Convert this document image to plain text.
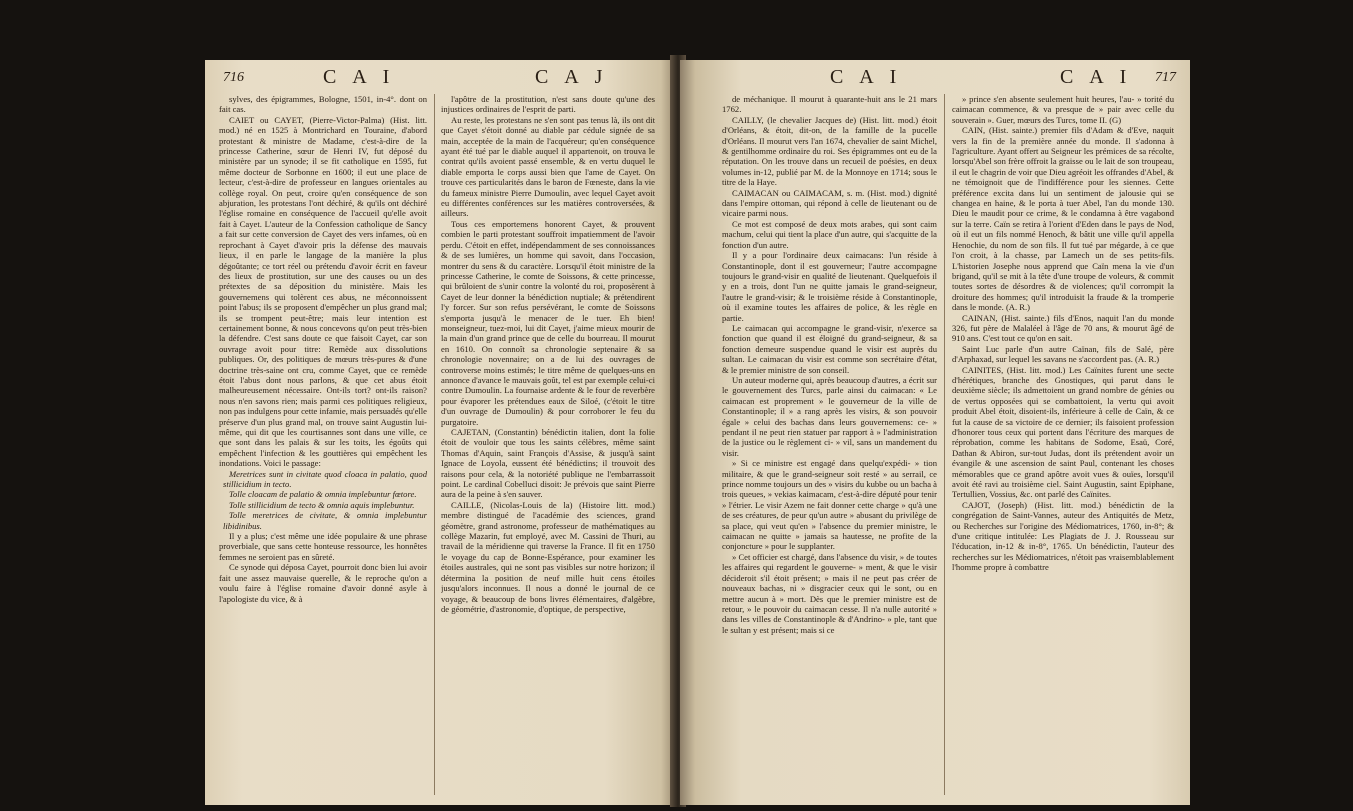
716	C A I	C A J

sylves, des épigrammes, Bologne, 1501, in-4°. dont on fait cas.

CAIET ou CAYET, (Pierre-Victor-Palma) (Hist. litt. mod.) né en 1525 à Montrichard en Touraine, d'abord protestant & ministre de Madame, c'est-à-dire de la princesse Catherine, sœur de Henri IV, fut déposé du ministère par un synode; il se fit catholique en 1595, fut même docteur de Sorbonne en 1600; il eut une place de lecteur, c'est-à-dire de professeur en langues orientales au collège royal. On peut, croire qu'en conséquence de son abjuration, les protestans l'ont déchiré, & qu'ils ont déchiré l'église romaine en conséquence de l'accueil qu'elle avoit fait à Cayet. L'auteur de la Confession catholique de Sancy a fait sur cette conversion de Cayet des vers infames, où en reprochant à Cayet d'avoir pris la défense des mauvais lieux, il en parle le langage de la manière la plus dégoûtante; ce tort réel ou prétendu d'avoir écrit en faveur des lieux de prostitution, sur une des causes ou un des prétextes de sa déposition du ministère. Mais les gouvernemens qui tolèrent ces abus, ne méconnoissent point l'abus; ils se proposent d'empêcher un plus grand mal; ils se trompent peut-être; mais leur intention est certainement bonne, & nous concevons qu'on peut très-bien la défendre. C'est sans doute ce que faisoit Cayet, car son ouvrage avoit pour titre: Remède aux dissolutions publiques. Or, des politiques de mœurs très-pures & d'une doctrine très-saine ont cru, comme Cayet, que ce remède étoit l'abus dont nous parlons, & que cet abus étoit malheureusement nécessaire. Ont-ils tort? ont-ils raison? nous n'en savons rien; mais parmi ces politiques religieux, non pas indulgens pour cette infamie, mais persuadés qu'elle préserve d'un plus grand mal, on trouve saint Augustin lui-même, qui dit que les courtisannes sont dans une ville, ce que sont dans les palais & sur les toits, les égoûts qui empêchent l'infection & les gouttières qui empêchent les inondations. Voici le passage:

Meretrices sunt in civitate quod cloaca in palatio, quod stillicidium in tecto.

Tolle cloacam de palatio & omnia implebuntur fœtore.

Tolle stillicidium de tecto & omnia aquis implebuntur.

Tolle meretrices de civitate, & omnia implebuntur libidinibus.

Il y a plus; c'est même une idée populaire & une phrase proverbiale, que sans cette honteuse ressource, les honnêtes femmes ne seroient pas en sûreté.

Ce synode qui déposa Cayet, pourroit donc bien lui avoir fait une assez mauvaise querelle, & le reproche qu'on a voulu faire à l'église romaine d'avoir donné asyle à l'apologiste du vice, & à

l'apôtre de la prostitution, n'est sans doute qu'une des injustices ordinaires de l'esprit de parti.

Au reste, les protestans ne s'en sont pas tenus là, ils ont dit que Cayet s'étoit donné au diable par cédule signée de sa main, acceptée de la main de l'acquéreur; qu'en conséquence ayant été tué par le diable auquel il appartenoit, on trouva le contrat qu'ils avoient passé ensemble, & en vertu duquel le diable emporta le corps aussi bien que l'ame de Cayet. On trouve ces particularités dans le baron de Fœneste, dans la vie du fameux ministre Pierre Dumoulin, avec lequel Cayet avoit eu différentes conférences sur les matières controversées, & ailleurs.

Tous ces emportemens honorent Cayet, & prouvent combien le parti protestant souffroit impatiemment de l'avoir perdu. C'étoit en effet, indépendamment de ses connoissances & de ses lumières, un homme qui savoit, dans l'occasion, montrer du sens & du caractère. Lorsqu'il étoit ministre de la princesse Catherine, le comte de Soissons, & cette princesse, qui brûloient de s'unir contre la volonté du roi, proposèrent à Cayet de leur donner la bénédiction nuptiale; & prétendirent l'y forcer. Sur son refus persévérant, le comte de Soissons s'emporta jusqu'à le menacer de le tuer. Eh bien! monseigneur, tuez-moi, lui dit Cayet, j'aime mieux mourir de la main d'un grand prince que de celle du bourreau. Il mourut en 1610. On connoît sa chronologie septenaire & sa chronologie novennaire; on a de lui des ouvrages de controverse moins estimés; le titre même de quelques-uns en annonce d'avance le mauvais goût, tel est par exemple celui-ci contre Dumoulin. La fournaise ardente & le four de reverbère pour évaporer les prétendues eaux de Siloé, (c'étoit le titre d'un ouvrage de Dumoulin) & pour corroborer le feu du purgatoire.

CAJETAN, (Constantin) bénédictin italien, dont la folie étoit de vouloir que tous les saints célèbres, même saint Thomas d'Aquin, saint François d'Assise, & jusqu'à saint Ignace de Loyola, eussent été bénédictins; il trouvoit des raisons pour cela, & la notoriété publique ne l'embarrassoit point. Le cardinal Cobelluci disoit: Je prévois que saint Pierre aura de la peine à s'en sauver.

CAILLE, (Nicolas-Louis de la) (Histoire litt. mod.) membre distingué de l'académie des sciences, grand géomètre, grand astronome, professeur de mathématiques au collège Mazarin, fut employé, avec M. Cassini de Thuri, au travail de la méridienne qui traverse la France. Il fit en 1750 le voyage du cap de Bonne-Espérance, pour examiner les étoiles australes, qui ne sont pas visibles sur notre horizon; il détermina la position de neuf mille huit cens étoiles jusqu'alors inconnues. Il nous a donné le journal de ce voyage, & beaucoup de bons livres élémentaires, d'algèbre, de géométrie, d'astronomie, d'optique, de perspective,

C A I	C A I 717

de méchanique. Il mourut à quarante-huit ans le 21 mars 1762.

CAILLY, (le chevalier Jacques de) (Hist. litt. mod.) étoit d'Orléans, & étoit, dit-on, de la famille de la pucelle d'Orléans. Il mourut vers l'an 1674, chevalier de saint Michel, & gentilhomme ordinaire du roi. Ses épigrammes ont eu de la réputation. On les trouve dans un recueil de poésies, en deux volumes in-12, publié par M. de la Monnoye en 1714; sous le titre de la Haye.

CAIMACAN ou CAIMACAM, s. m. (Hist. mod.) dignité dans l'empire ottoman, qui répond à celle de lieutenant ou de vicaire parmi nous.

Ce mot est composé de deux mots arabes, qui sont caim machum, celui qui tient la place d'un autre, qui s'acquitte de la fonction d'un autre.

Il y a pour l'ordinaire deux caimacans: l'un réside à Constantinople, dont il est gouverneur; l'autre accompagne toujours le grand-visir en qualité de lieutenant. Quelquefois il y en a trois, dont l'un ne quitte jamais le grand-seigneur, l'autre le grand-visir; & le troisième réside à Constantinople, où il examine toutes les affaires de police, & les règle en partie.

Le caimacan qui accompagne le grand-visir, n'exerce sa fonction que quand il est éloigné du grand-seigneur, & sa fonction demeure suspendue quand le visir est auprès du sultan. Le caimacan du visir est comme son secrétaire d'état, & le premier ministre de son conseil.

Un auteur moderne qui, après beaucoup d'autres, a écrit sur le gouvernement des Turcs, parle ainsi du caimacan: « Le caimacan est proprement » le gouverneur de la ville de Constantinople; il » a rang après les visirs, & son pouvoir égale » celui des bachas dans leurs gouvernemens: ce- » pendant il ne peut rien statuer par rapport à » l'administration de la justice ou le règlement ci- » vil, sans un mandement du visir.

» Si ce ministre est engagé dans quelqu'expédi- » tion militaire, & que le grand-seigneur soit resté » au serrail, ce prince nomme toujours un des » visirs du kubbe ou un bacha à trois queues, » vekias kaimacam, c'est-à-dire député pour tenir » l'étrier. Le visir Azem ne fait donner cette charge » qu'à une de ses créatures, de peur qu'un autre » abusant du privilège de sa place, qui veut qu'en » l'absence du premier ministre, le caimacan ne quitte » jamais sa hautesse, ne profite de la conjoncture » pour le supplanter.

» Cet officier est chargé, dans l'absence du visir, » de toutes les affaires qui regardent le gouverne- » ment, & que le visir décideroit s'il étoit présent; » mais il ne peut pas créer de nouveaux bachas, ni » disgracier ceux qui le sont, ou en mettre aucun à » mort. Dès que le premier ministre est de retour, » le pouvoir du caimacan cesse. Il n'a nulle autorité » dans les villes de Constantinople & d'Andrino- » ple, tant que le sultan y est présent; mais si ce

» prince s'en absente seulement huit heures, l'au- » torité du caimacan commence, & va presque de » pair avec celle du souverain ». Guer, mœurs des Turcs, tome II. (G)

CAIN, (Hist. sainte.) premier fils d'Adam & d'Eve, naquit vers la fin de la première année du monde. Il s'adonna à l'agriculture. Ayant offert au Seigneur les prémices de sa récolte, lorsqu'Abel son frère offroit la graisse ou le lait de son troupeau, il eut le chagrin de voir que Dieu agréoit les offrandes d'Abel, & ne témoignoit que de l'indifférence pour les siennes. Cette préférence excita dans lui un sentiment de jalousie qui se changea en haine, & le porta à tuer Abel, l'an du monde 130. Dieu le maudit pour ce crime, & le condamna à être vagabond sur la terre. Caïn se retira à l'orient d'Eden dans le pays de Nod, où il eut un fils nommé Henoch, & bâtit une ville qu'il appella Henochie, du nom de son fils. Il fut tué par mégarde, à ce que l'on croit, à la chasse, par Lamech un de ses petits-fils. L'historien Josephe nous apprend que Caïn mena la vie d'un brigand, qu'il se mit à la tête d'une troupe de voleurs, & commit toutes sortes de désordres & de violences; qu'il corrompit la droiture des hommes; qu'il introduisit la fraude & la tromperie dans le monde. (A. R.)

CAINAN, (Hist. sainte.) fils d'Enos, naquit l'an du monde 326, fut père de Malaléel à l'âge de 70 ans, & mourut âgé de 910 ans. C'est tout ce qu'on en sait.

Saint Luc parle d'un autre Caïnan, fils de Salé, père d'Arphaxad, sur lequel les savans ne s'accordent pas. (A. R.)

CAINITES, (Hist. litt. mod.) Les Caïnites furent une secte d'hérétiques, branche des Gnostiques, qui parut dans le deuxième siècle; ils admettoient un grand nombre de génies ou de vertus opposées qui se combattoient, la vertu qui avoit produit Abel étoit, disoient-ils, inférieure à celle de Caïn, & ce fut la cause de sa victoire de ce dernier; ils faisoient profession d'honorer tous ceux qui portent dans l'écriture des marques de réprobation, comme les habitans de Sodome, Esaü, Coré, Dathan & Abiron, sur-tout Judas, dont ils prétendent avoir un évangile & une ascension de saint Paul, contenant les choses mémorables que ce grand apôtre avoit vues & ouïes, lorsqu'il avoit été ravi au troisième ciel. Saint Augustin, saint Epiphane, Tertullien, Vossius, &c. ont parlé des Caïnites.

CAJOT, (Joseph) (Hist. litt. mod.) bénédictin de la congrégation de Saint-Vannes, auteur des Antiquités de Metz, ou Recherches sur l'origine des Médiomatrices, 1760, in-8°; & d'une critique intitulée: Les Plagiats de J. J. Rousseau sur l'éducation, in-12 & in-8°, 1765. Un bénédictin, l'auteur des recherches sur les Médiomatrices, n'étoit pas vraisemblablement l'homme propre à combattre
